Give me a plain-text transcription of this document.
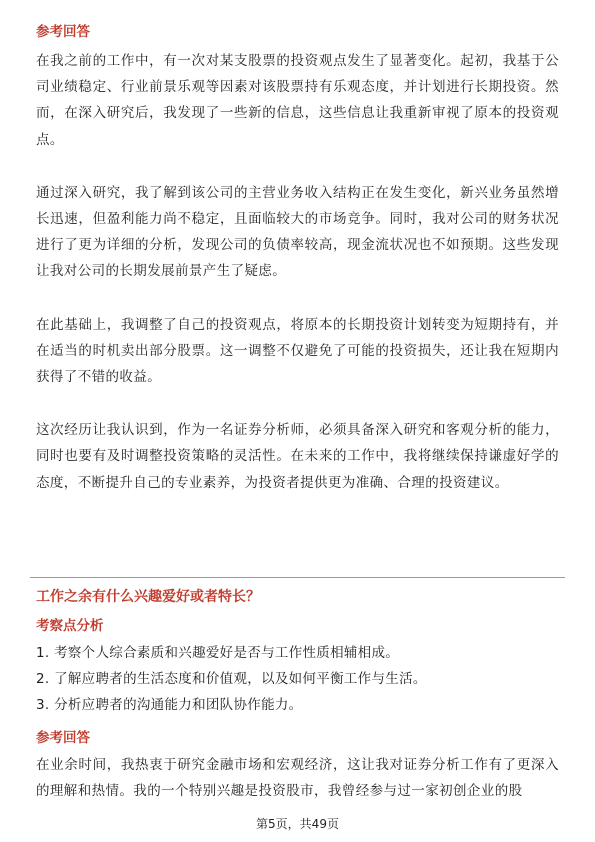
参考回答

在我之前的工作中，有一次对某支股票的投资观点发生了显著变化。起初，我基于公司业绩稳定、行业前景乐观等因素对该股票持有乐观态度，并计划进行长期投资。然而，在深入研究后，我发现了一些新的信息，这些信息让我重新审视了原本的投资观点。

通过深入研究，我了解到该公司的主营业务收入结构正在发生变化，新兴业务虽然增长迅速，但盈利能力尚不稳定，且面临较大的市场竞争。同时，我对公司的财务状况进行了更为详细的分析，发现公司的负债率较高，现金流状况也不如预期。这些发现让我对公司的长期发展前景产生了疑虑。

在此基础上，我调整了自己的投资观点，将原本的长期投资计划转变为短期持有，并在适当的时机卖出部分股票。这一调整不仅避免了可能的投资损失，还让我在短期内获得了不错的收益。

这次经历让我认识到，作为一名证券分析师，必须具备深入研究和客观分析的能力，同时也要有及时调整投资策略的灵活性。在未来的工作中，我将继续保持谦虚好学的态度，不断提升自己的专业素养，为投资者提供更为准确、合理的投资建议。

工作之余有什么兴趣爱好或者特长？
考察点分析
1. 考察个人综合素质和兴趣爱好是否与工作性质相辅相成。
2. 了解应聘者的生活态度和价值观，以及如何平衡工作与生活。
3. 分析应聘者的沟通能力和团队协作能力。
参考回答

在业余时间，我热衷于研究金融市场和宏观经济，这让我对证券分析工作有了更深入的理解和热情。我的一个特别兴趣是投资股市，我曾经参与过一家初创企业的股

第5页，共49页
